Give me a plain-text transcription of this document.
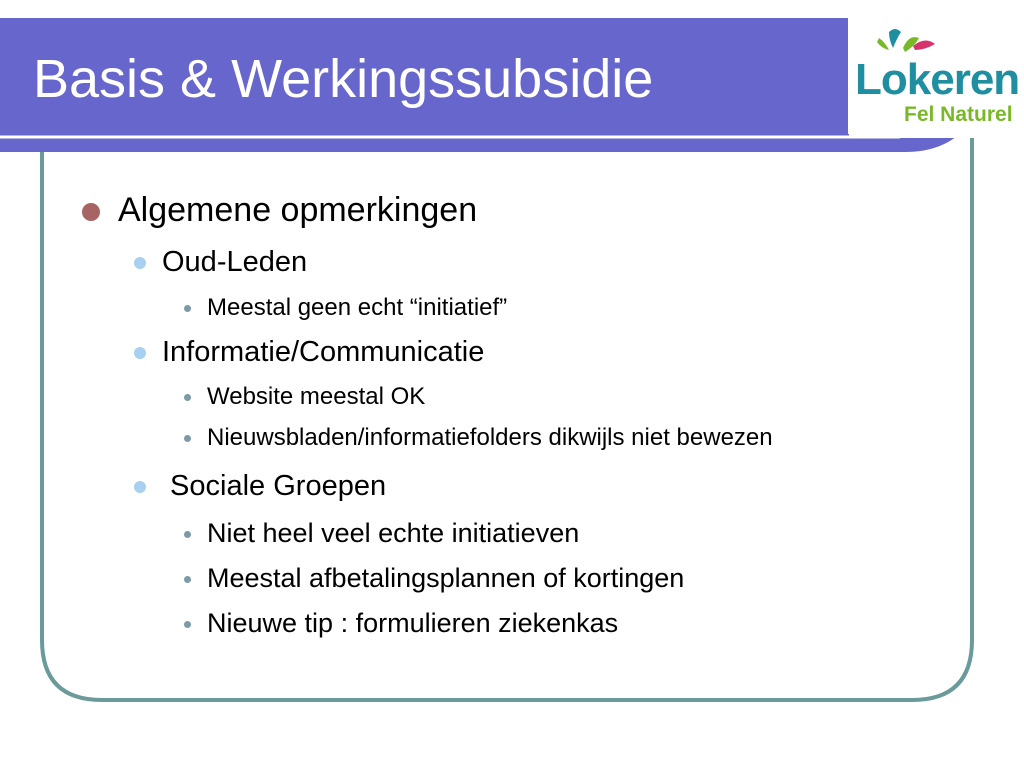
Basis & Werkingssubsidie	Lokeren
Fel Naturel
Algemene opmerkingen
Oud-Leden
Meestal geen echt “initiatief”
Informatie/Communicatie
Website meestal OK
Nieuwsbladen/informatiefolders dikwijls niet bewezen
Sociale Groepen
Niet heel veel echte initiatieven
Meestal afbetalingsplannen of kortingen
Nieuwe tip : formulieren ziekenkas
